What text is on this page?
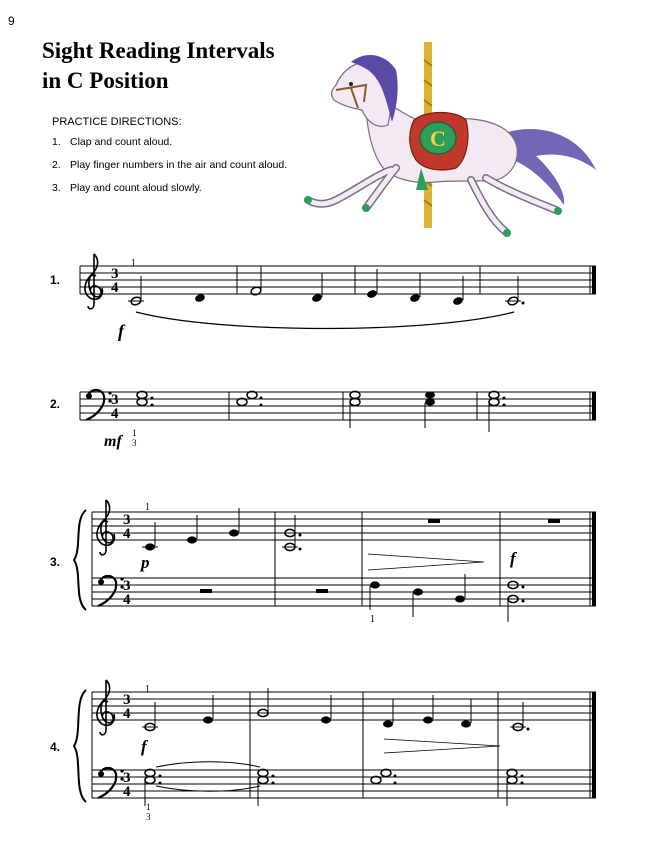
9
Sight Reading Intervals
in C Position
PRACTICE DIRECTIONS:
1. Clap and count aloud.
2. Play finger numbers in the air and count aloud.
3. Play and count aloud slowly.
C
1.
2.
3.
4.
3
4
1
f
3
4
mf 1
3
3
4
3
4
1
1
p	f
3
4
3
4
1
f
1
3
